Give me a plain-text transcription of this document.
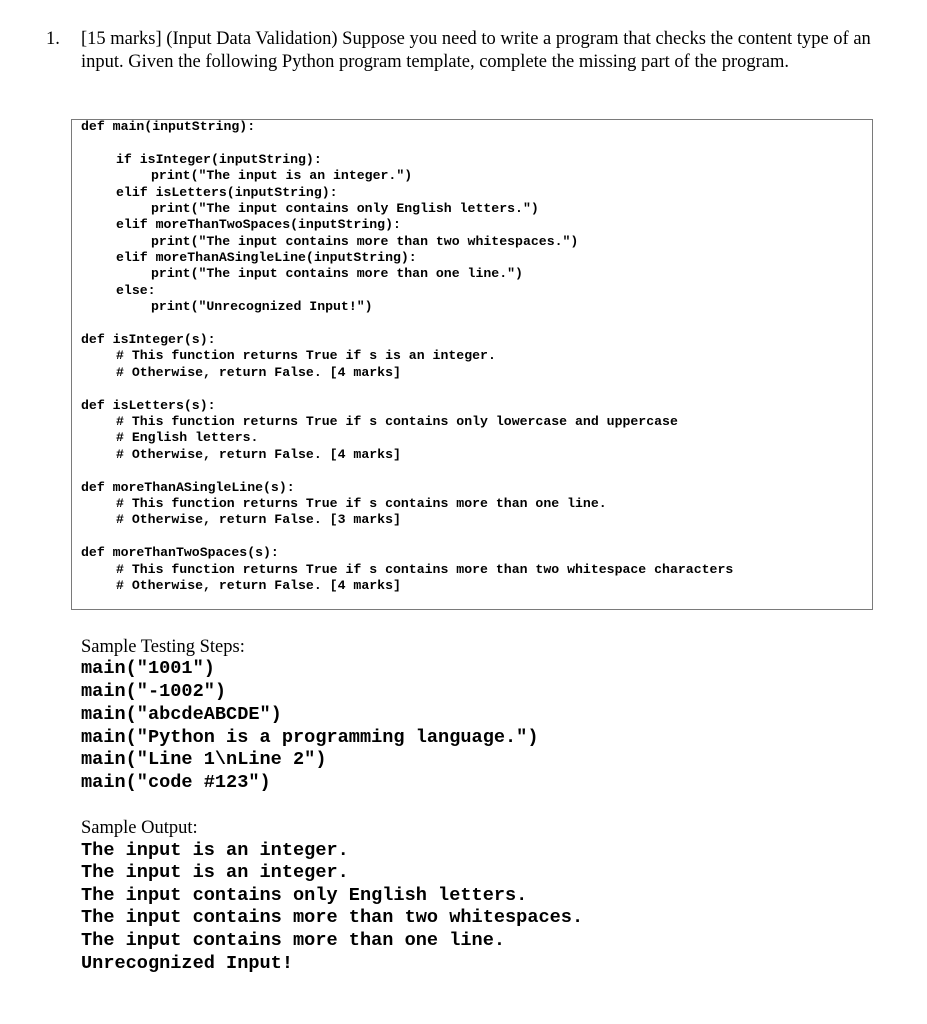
1. [15 marks] (Input Data Validation) Suppose you need to write a program that checks the content type of an input. Given the following Python program template, complete the missing part of the program.
def main(inputString):
if isInteger(inputString):
print("The input is an integer.")
elif isLetters(inputString):
print("The input contains only English letters.")
elif moreThanTwoSpaces(inputString):
print("The input contains more than two whitespaces.")
elif moreThanASingleLine(inputString):
print("The input contains more than one line.")
else:
print("Unrecognized Input!")
def isInteger(s):
# This function returns True if s is an integer.
# Otherwise, return False. [4 marks]
def isLetters(s):
# This function returns True if s contains only lowercase and uppercase
# English letters.
# Otherwise, return False. [4 marks]
def moreThanASingleLine(s):
# This function returns True if s contains more than one line.
# Otherwise, return False. [3 marks]
def moreThanTwoSpaces(s):
# This function returns True if s contains more than two whitespace characters
# Otherwise, return False. [4 marks]
Sample Testing Steps:
main("1001")
main("-1002")
main("abcdeABCDE")
main("Python is a programming language.")
main("Line 1\nLine 2")
main("code #123")
Sample Output:
The input is an integer.
The input is an integer.
The input contains only English letters.
The input contains more than two whitespaces.
The input contains more than one line.
Unrecognized Input!
